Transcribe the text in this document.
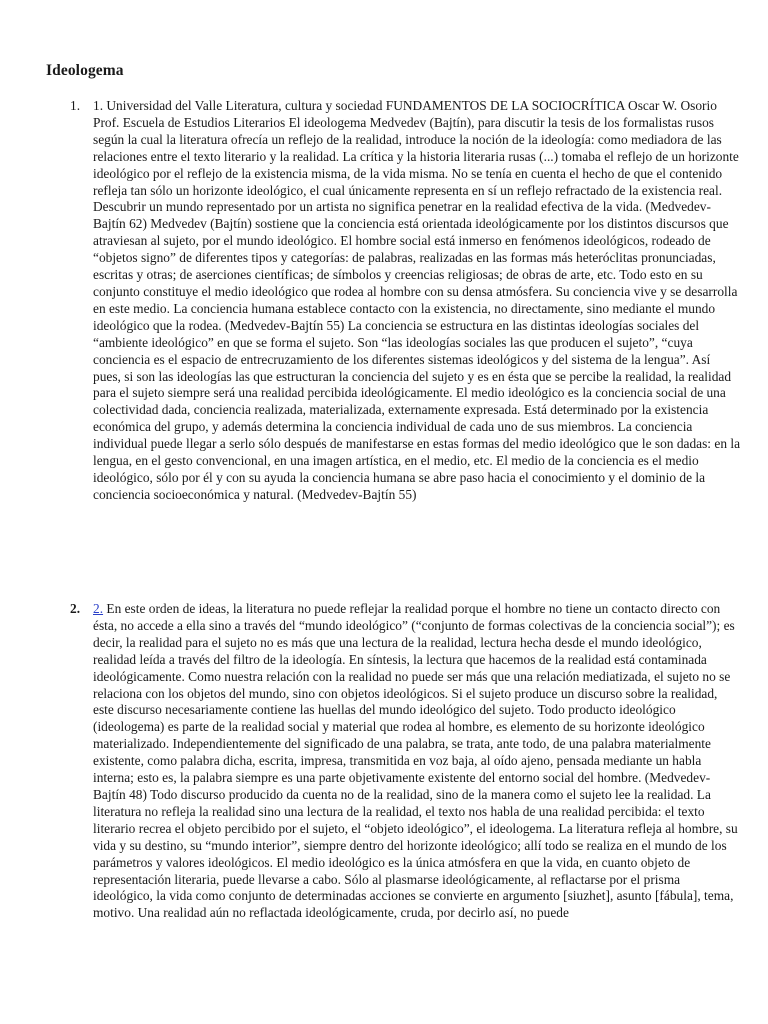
Ideologema
1. 1. Universidad del Valle Literatura, cultura y sociedad FUNDAMENTOS DE LA SOCIOCRÍTICA Oscar W. Osorio Prof. Escuela de Estudios Literarios El ideologema Medvedev (Bajtín), para discutir la tesis de los formalistas rusos según la cual la literatura ofrecía un reflejo de la realidad, introduce la noción de la ideología: como mediadora de las relaciones entre el texto literario y la realidad. La crítica y la historia literaria rusas (...) tomaba el reflejo de un horizonte ideológico por el reflejo de la existencia misma, de la vida misma. No se tenía en cuenta el hecho de que el contenido refleja tan sólo un horizonte ideológico, el cual únicamente representa en sí un reflejo refractado de la existencia real. Descubrir un mundo representado por un artista no significa penetrar en la realidad efectiva de la vida. (Medvedev-Bajtín 62) Medvedev (Bajtín) sostiene que la conciencia está orientada ideológicamente por los distintos discursos que atraviesan al sujeto, por el mundo ideológico. El hombre social está inmerso en fenómenos ideológicos, rodeado de “objetos signo” de diferentes tipos y categorías: de palabras, realizadas en las formas más heteróclitas pronunciadas, escritas y otras; de aserciones científicas; de símbolos y creencias religiosas; de obras de arte, etc. Todo esto en su conjunto constituye el medio ideológico que rodea al hombre con su densa atmósfera. Su conciencia vive y se desarrolla en este medio. La conciencia humana establece contacto con la existencia, no directamente, sino mediante el mundo ideológico que la rodea. (Medvedev-Bajtín 55) La conciencia se estructura en las distintas ideologías sociales del “ambiente ideológico” en que se forma el sujeto. Son “las ideologías sociales las que producen el sujeto”, “cuya conciencia es el espacio de entrecruzamiento de los diferentes sistemas ideológicos y del sistema de la lengua”. Así pues, si son las ideologías las que estructuran la conciencia del sujeto y es en ésta que se percibe la realidad, la realidad para el sujeto siempre será una realidad percibida ideológicamente. El medio ideológico es la conciencia social de una colectividad dada, conciencia realizada, materializada, externamente expresada. Está determinado por la existencia económica del grupo, y además determina la conciencia individual de cada uno de sus miembros. La conciencia individual puede llegar a serlo sólo después de manifestarse en estas formas del medio ideológico que le son dadas: en la lengua, en el gesto convencional, en una imagen artística, en el medio, etc. El medio de la conciencia es el medio ideológico, sólo por él y con su ayuda la conciencia humana se abre paso hacia el conocimiento y el dominio de la conciencia socioeconómica y natural. (Medvedev-Bajtín 55)
2. 2. En este orden de ideas, la literatura no puede reflejar la realidad porque el hombre no tiene un contacto directo con ésta, no accede a ella sino a través del “mundo ideológico” (“conjunto de formas colectivas de la conciencia social”); es decir, la realidad para el sujeto no es más que una lectura de la realidad, lectura hecha desde el mundo ideológico, realidad leída a través del filtro de la ideología. En síntesis, la lectura que hacemos de la realidad está contaminada ideológicamente. Como nuestra relación con la realidad no puede ser más que una relación mediatizada, el sujeto no se relaciona con los objetos del mundo, sino con objetos ideológicos. Si el sujeto produce un discurso sobre la realidad, este discurso necesariamente contiene las huellas del mundo ideológico del sujeto. Todo producto ideológico (ideologema) es parte de la realidad social y material que rodea al hombre, es elemento de su horizonte ideológico materializado. Independientemente del significado de una palabra, se trata, ante todo, de una palabra materialmente existente, como palabra dicha, escrita, impresa, transmitida en voz baja, al oído ajeno, pensada mediante un habla interna; esto es, la palabra siempre es una parte objetivamente existente del entorno social del hombre. (Medvedev-Bajtín 48) Todo discurso producido da cuenta no de la realidad, sino de la manera como el sujeto lee la realidad. La literatura no refleja la realidad sino una lectura de la realidad, el texto nos habla de una realidad percibida: el texto literario recrea el objeto percibido por el sujeto, el “objeto ideológico”, el ideologema. La literatura refleja al hombre, su vida y su destino, su “mundo interior”, siempre dentro del horizonte ideológico; allí todo se realiza en el mundo de los parámetros y valores ideológicos. El medio ideológico es la única atmósfera en que la vida, en cuanto objeto de representación literaria, puede llevarse a cabo. Sólo al plasmarse ideológicamente, al reflactarse por el prisma ideológico, la vida como conjunto de determinadas acciones se convierte en argumento [siuzhet], asunto [fábula], tema, motivo. Una realidad aún no reflactada ideológicamente, cruda, por decirlo así, no puede
